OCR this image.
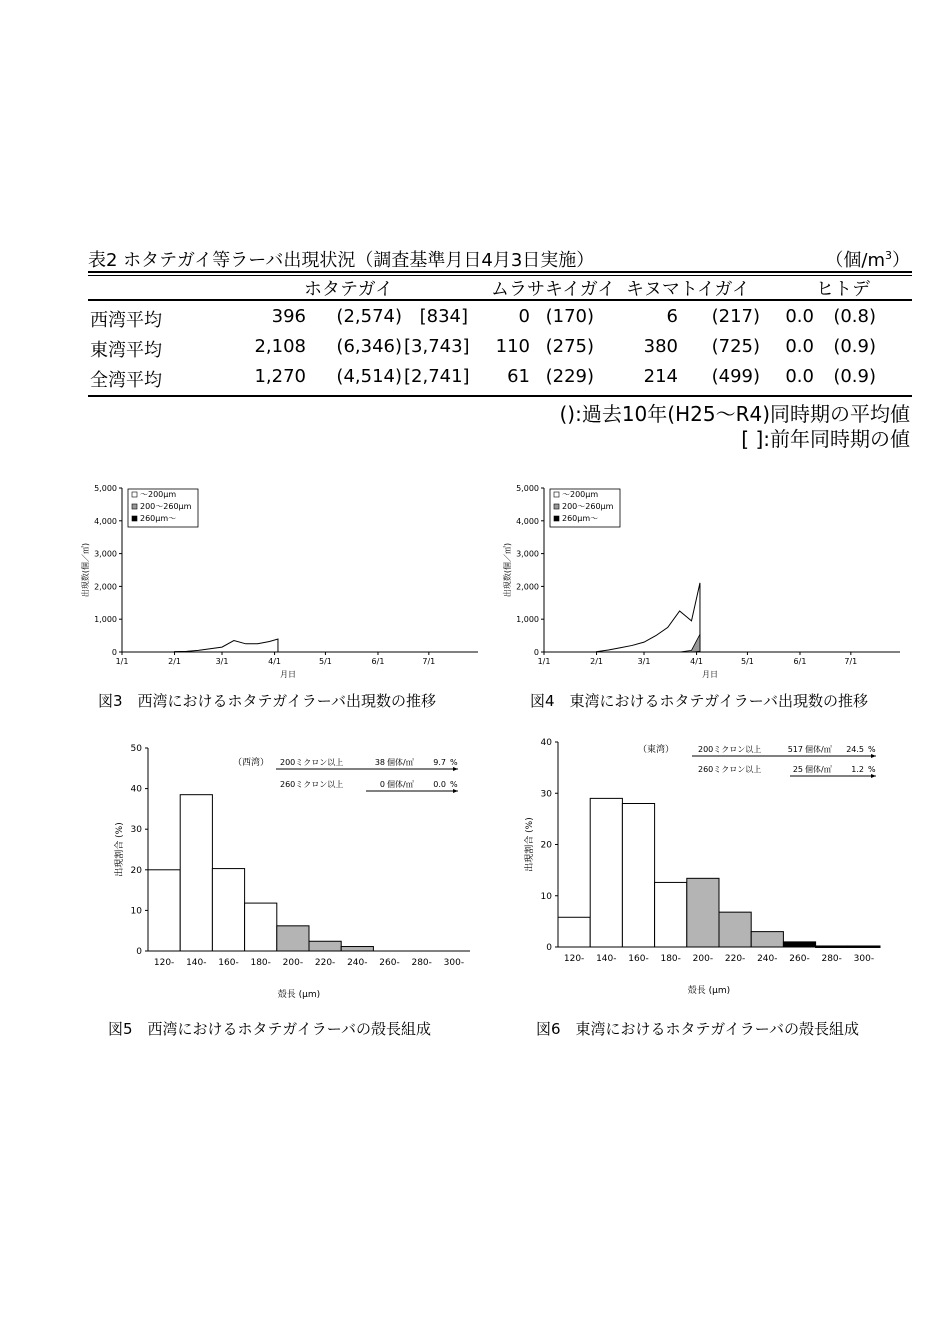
表2 ホタテガイ等ラーバ出現状況（調査基準月日4月3日実施）	（個$/m^3$）
ホタテガイ	ムラサキイガイ キヌマトイガイ	ヒトデ
西湾平均	396	(2,574) [834]	0 (170)	6	(217)	0.0	(0.8)
東湾平均	2,108	(6,346) [3,743]	110 (275)	380	(725)	0.0	(0.9)
全湾平均	1,270	(4,514) [2,741]	61 (229)	214	(499)	0.0	(0.9)
():過去10年(H25〜R4)同時期の平均値
[ ]:前年同時期の値
0
1,000
2,000
3,000
4,000
5,000
1/1	2/1	3/1	4/1	5/1	6/1	7/1
月日
出現数(個／㎥)
〜200μm
200〜260μm
260μm〜
図3　西湾におけるホタテガイラーバ出現数の推移
0
1,000
2,000
3,000
4,000
5,000
1/1	2/1	3/1	4/1	5/1	6/1	7/1
月日
出現数(個／㎥)
〜200μm
200〜260μm
260μm〜
図4　東湾におけるホタテガイラーバ出現数の推移
0
10
20
30
40
50
120- 140- 160- 180- 200- 220- 240- 260- 280- 300-
殻長 (μm)
出現割合 (%)
（西湾） 200ミクロン以上	38 個体/㎥ 9.7 %
260ミクロン以上	0 個体/㎥ 0.0 %
図5　西湾におけるホタテガイラーバの殻長組成
0
10
20
30
40
120- 140- 160- 180- 200- 220- 240- 260- 280- 300-
殻長 (μm)
出現割合 (%)
（東湾）	200ミクロン以上	517 個体/㎥ 24.5 %
260ミクロン以上	25 個体/㎥ 1.2 %
図6　東湾におけるホタテガイラーバの殻長組成
